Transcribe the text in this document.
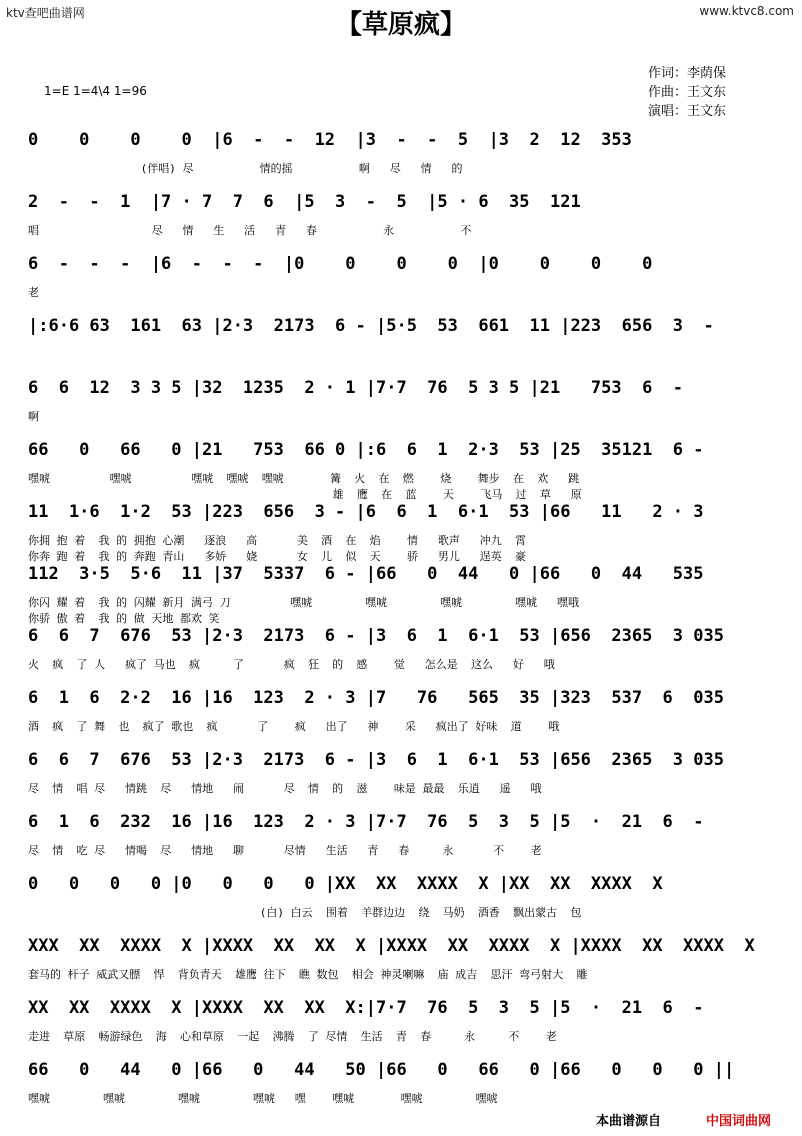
ktv查吧曲谱网	www.ktvc8.com
【草原疯】
作词：李荫保
作曲：王文东
演唱：王文东
1=E 1=4\4 1=96
0    0    0    0  |6  -  -  12  |3  -  -  5  |3  2  12  353
(伴唱) 尽          情的摇          啊   尽   情   的
2  -  -  1  |7 · 7  7  6  |5  3  -  5  |5 · 6  35  121
唱                 尽   情   生   活   青   春          永          不
6  -  -  -  |6  -  -  -  |0    0    0    0  |0    0    0    0
老
|:6·6 63  161  63 |2·3  2173  6 - |5·5  53  661  11 |223  656  3  -
6  6  12  3 3 5 |32  1235  2 · 1 |7·7  76  5 3 5 |21   753  6  -
啊
66   0   66   0 |21   753  66 0 |:6  6  1  2·3  53 |25  35121  6 -
嘿唬         嘿唬         嘿唬  嘿唬  嘿唬       篝  火  在  燃    烧    舞步  在  欢   跳
雄  鹰  在  蓝    天    飞马  过  草   原
11  1·6  1·2  53 |223  656  3 - |6  6  1  6·1  53 |66   11   2 · 3
你拥 抱 着  我 的 拥抱 心潮   逐浪   高      美  酒  在  焰    情   歌声   冲九  霄
你奔 跑 着  我 的 奔跑 青山   多娇   娆      女  儿  似  天    骄   男儿   逞英  豪
112  3·5  5·6  11 |37  5337  6 - |66   0  44   0 |66   0  44   535
你闪 耀 着  我 的 闪耀 新月 满弓 刀         嘿唬        嘿唬        嘿唬        嘿唬   嘿哦
你骄 傲 着  我 的 做 天地 都欢 笑
6  6  7  676  53 |2·3  2173  6 - |3  6  1  6·1  53 |656  2365  3 035
火  疯  了 人   疯了 马也  疯     了      疯  狂  的  感    觉   怎么是  这么   好   哦
6  1  6  2·2  16 |16  123  2 · 3 |7   76   565  35 |323  537  6  035
酒  疯  了 舞  也  疯了 歌也  疯      了    疯   出了   神    采   疯出了 好味  道    哦
6  6  7  676  53 |2·3  2173  6 - |3  6  1  6·1  53 |656  2365  3 035
尽  情  唱 尽   情跳  尽   情地   闹      尽  情  的  滋    味是 最最  乐逍   遥   哦
6  1  6  232  16 |16  123  2 · 3 |7·7  76  5  3  5 |5  ·  21  6  -
尽  情  吃 尽   情喝  尽   情地   聊      尽情   生活   青   春     永      不    老
0   0   0   0 |0   0   0   0 |XX  XX  XXXX  X |XX  XX  XXXX  X
(白) 白云  围着  羊群边边  绕  马奶  酒香  飘出蒙古  包
XXX  XX  XXXX  X |XXXX  XX  XX  X |XXXX  XX  XXXX  X |XXXX  XX  XXXX  X
套马的 杆子 威武又膘  悍  背负青天  雄鹰 往下  瞧 数包  相会 神灵喇嘛  庙 成吉  思汗 弯弓射大  雕
XX  XX  XXXX  X |XXXX  XX  XX  X:|7·7  76  5  3  5 |5  ·  21  6  -
走进  草原  畅游绿色  海  心和草原  一起  沸腾  了 尽情  生活  青  春     永     不    老
66   0   44   0 |66   0   44   50 |66   0   66   0 |66   0   0   0 ||
嘿唬        嘿唬        嘿唬        嘿唬   嘿    嘿唬       嘿唬        嘿唬
本曲谱源自	中国词曲网
